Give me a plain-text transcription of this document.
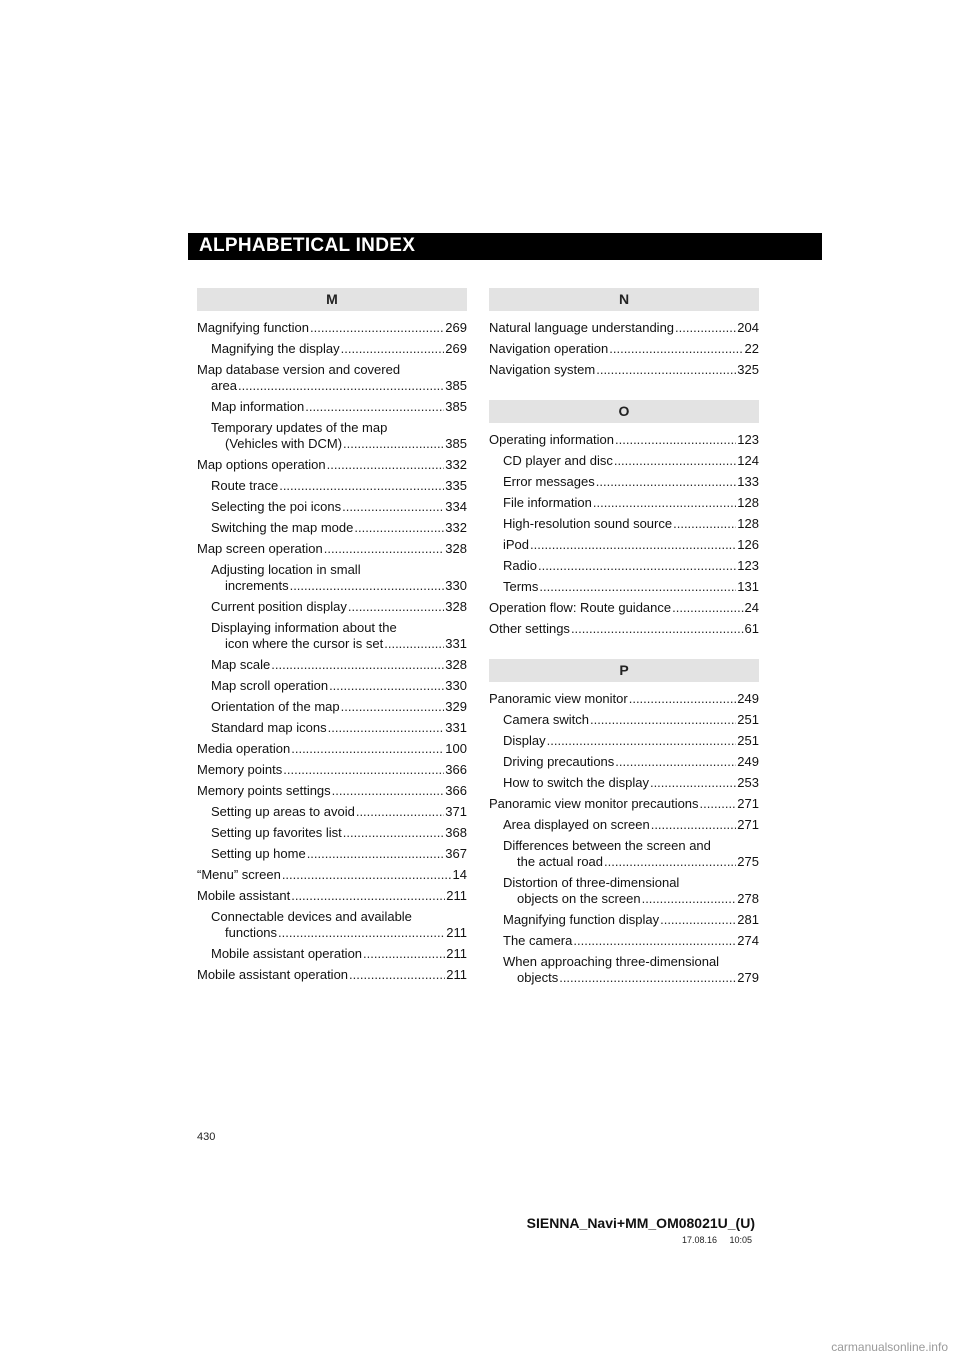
ALPHABETICAL INDEX
M
Magnifying function .....	269
Magnifying the display .....	269
Map database version and covered
area .....	385
Map information .....	385
Temporary updates of the map
(Vehicles with DCM) .....	385
Map options operation .....	332
Route trace .....	335
Selecting the poi icons .....	334
Switching the map mode .....	332
Map screen operation .....	328
Adjusting location in small
increments .....	330
Current position display .....	328
Displaying information about the
icon where the cursor is set .....	331
Map scale .....	328
Map scroll operation .....	330
Orientation of the map .....	329
Standard map icons .....	331
Media operation .....	100
Memory points .....	366
Memory points settings .....	366
Setting up areas to avoid .....	371
Setting up favorites list .....	368
Setting up home .....	367
“Menu” screen .....	14
Mobile assistant .....	211
Connectable devices and available
functions .....	211
Mobile assistant operation .....	211
Mobile assistant operation .....	211
N
Natural language understanding .....	204
Navigation operation .....	22
Navigation system .....	325
O
Operating information .....	123
CD player and disc .....	124
Error messages .....	133
File information .....	128
High-resolution sound source .....	128
iPod .....	126
Radio .....	123
Terms .....	131
Operation flow: Route guidance .....	24
Other settings .....	61
P
Panoramic view monitor .....	249
Camera switch .....	251
Display .....	251
Driving precautions .....	249
How to switch the display .....	253
Panoramic view monitor precautions .....	271
Area displayed on screen .....	271
Differences between the screen and
the actual road .....	275
Distortion of three-dimensional
objects on the screen .....	278
Magnifying function display .....	281
The camera .....	274
When approaching three-dimensional
objects .....	279
430
SIENNA_Navi+MM_OM08021U_(U)
17.08.16     10:05
carmanualsonline.info
